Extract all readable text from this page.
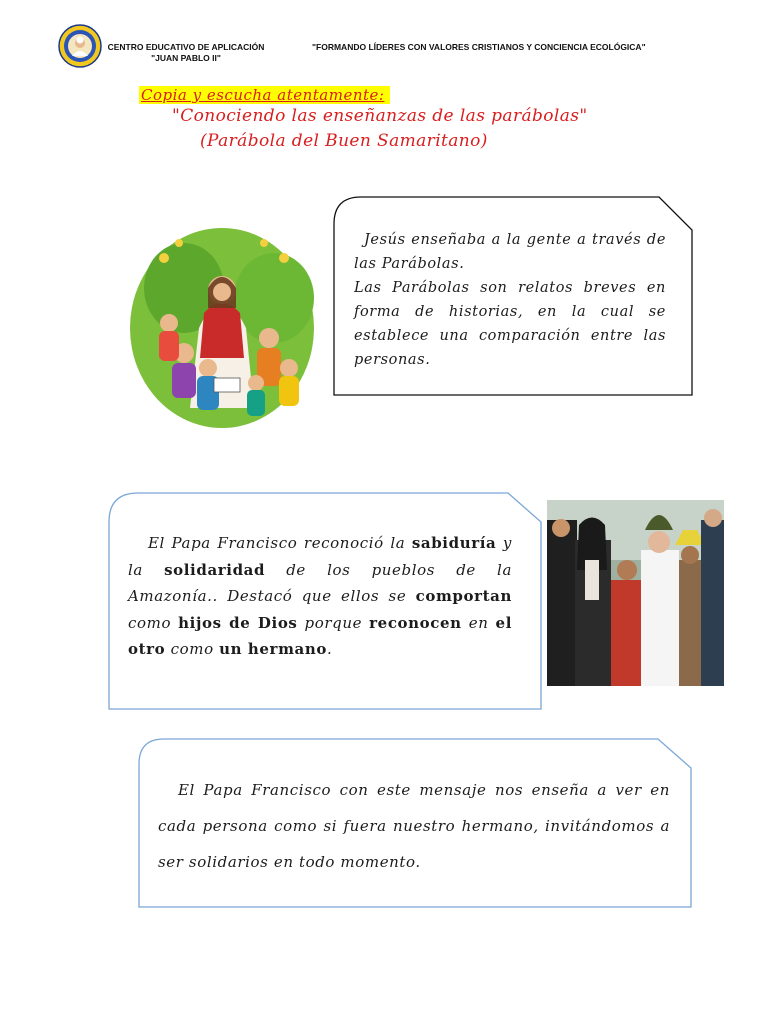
CENTRO EDUCATIVO DE APLICACIÓN
"JUAN PABLO II"
"FORMANDO LÍDERES CON VALORES CRISTIANOS Y CONCIENCIA ECOLÓGICA"
Copia y escucha atentamente:
"Conociendo las enseñanzas de las parábolas"
(Parábola del Buen Samaritano)
Jesús enseñaba a la gente a través de las Parábolas.
Las Parábolas son relatos breves en forma de historias, en la cual se establece una comparación entre las personas.
El Papa Francisco reconoció la sabiduría y la solidaridad de los pueblos de la Amazonía.. Destacó que ellos se comportan como hijos de Dios porque reconocen en el otro como un hermano.
El Papa Francisco con este mensaje nos enseña a ver en cada persona como si fuera nuestro hermano, invitándomos a ser solidarios en todo momento.
